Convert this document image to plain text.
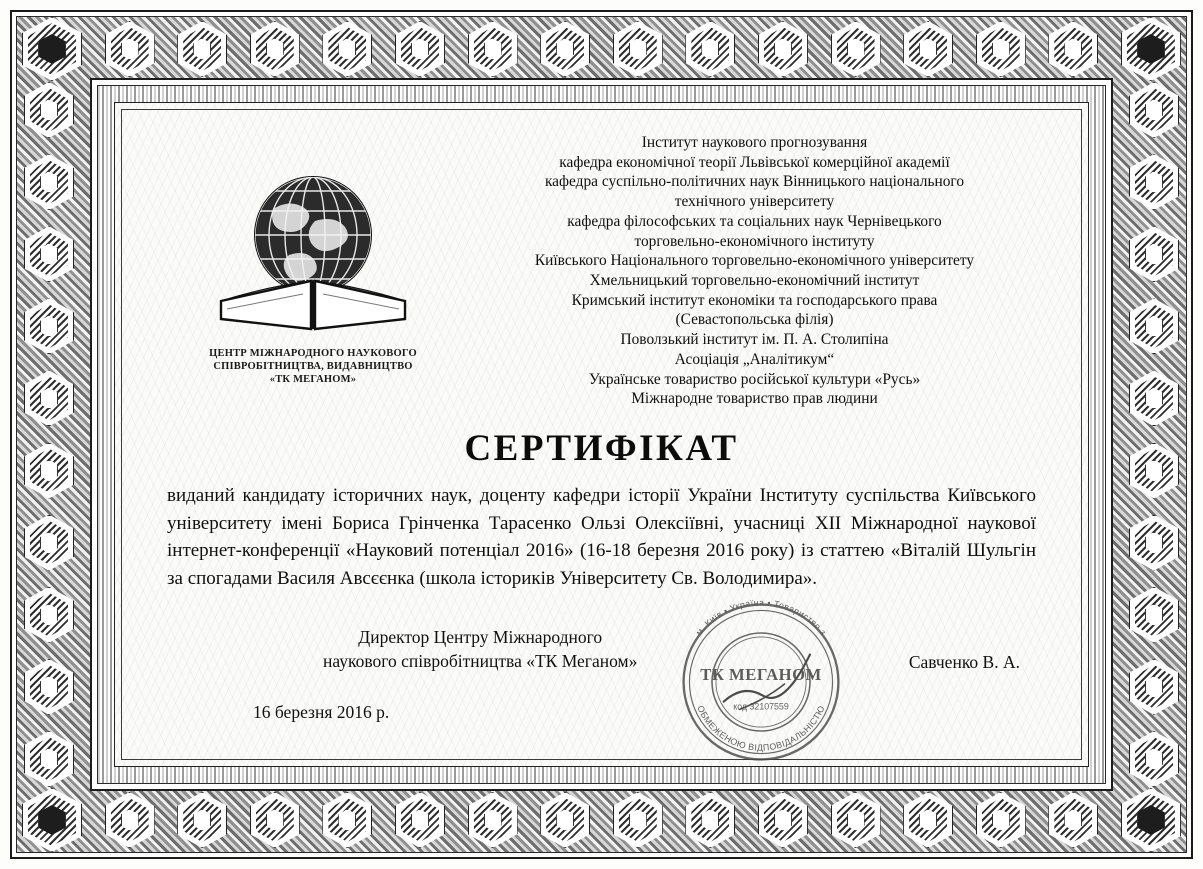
ЦЕНТР МІЖНАРОДНОГО НАУКОВОГО
СПІВРОБІТНИЦТВА, ВИДАВНИЦТВО
«ТК МЕГАНОМ»
Інститут наукового прогнозування
кафедра економічної теорії Львівської комерційної академії
кафедра суспільно-політичних наук Вінницького національного
технічного університету
кафедра філософських та соціальних наук Чернівецького
торговельно-економічного інституту
Київського Національного торговельно-економічного університету
Хмельницький торговельно-економічний інститут
Кримський інститут економіки та господарського права
(Севастопольська філія)
Поволзький інститут ім. П. А. Столипіна
Асоціація „Аналітикум“
Українське товариство російської культури «Русь»
Міжнародне товариство прав людини
СЕРТИФІКАТ
виданий кандидату історичних наук, доценту кафедри історії України Інституту суспільства Київського університету імені Бориса Грінченка Тарасенко Ользі Олексіївні, учасниці XII Міжнародної наукової інтернет-конференції «Науковий потенціал 2016» (16-18 березня 2016 року) із статтею «Віталій Шульгін за спогадами Василя Авсєєнка (школа істориків Університету Св. Володимира».
Директор Центру Міжнародного
наукового співробітництва «ТК Меганом»	Савченко В. А.
м. Київ • Україна • Товариство з
ОБМЕЖЕНОЮ ВІДПОВІДАЛЬНІСТЮ
ТК МЕГАНОМ
код 32107559
16 березня 2016 р.
